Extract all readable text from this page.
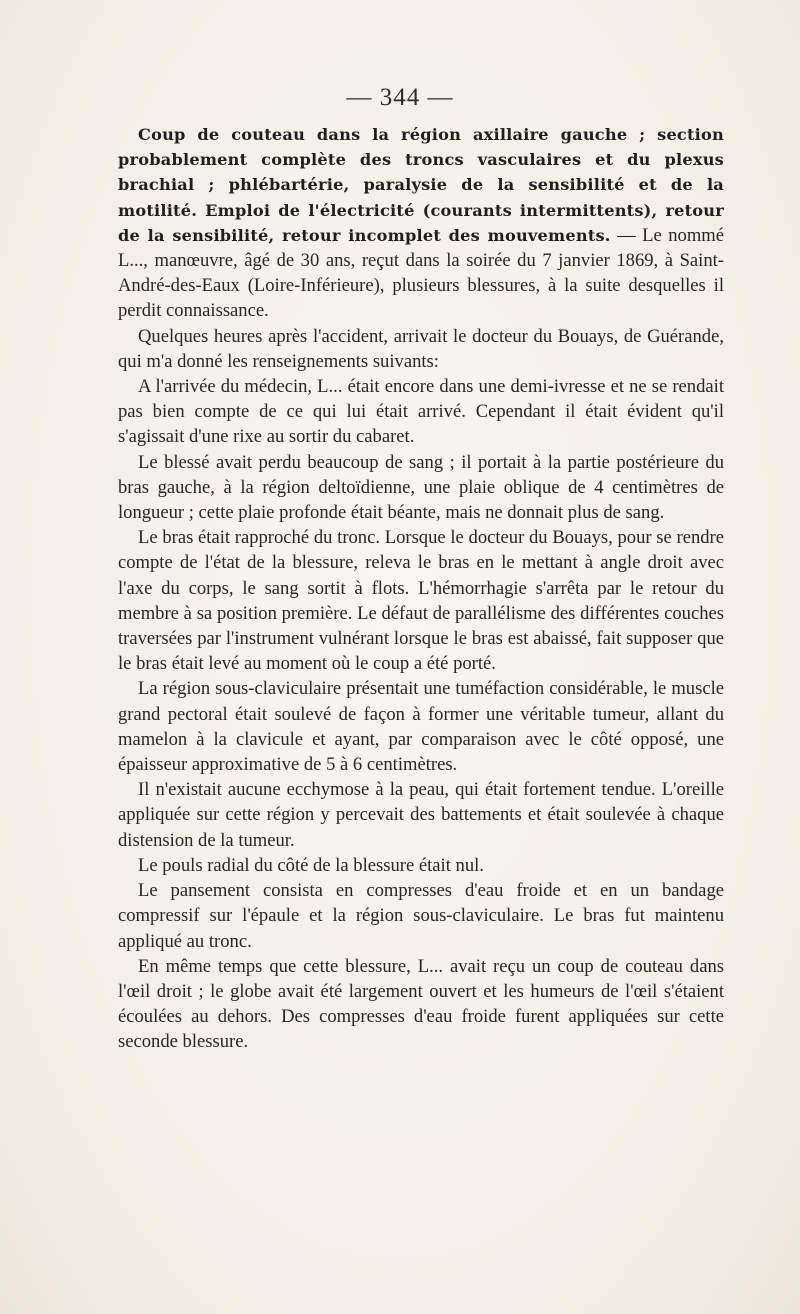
— 344 —

Coup de couteau dans la région axillaire gauche ; section probablement complète des troncs vasculaires et du plexus brachial ; phlébartérie, paralysie de la sensibilité et de la motilité. Emploi de l'électricité (courants intermittents), retour de la sensibilité, retour incomplet des mouvements. — Le nommé L..., manœuvre, âgé de 30 ans, reçut dans la soirée du 7 janvier 1869, à Saint-André-des-Eaux (Loire-Inférieure), plusieurs blessures, à la suite desquelles il perdit connaissance.

Quelques heures après l'accident, arrivait le docteur du Bouays, de Guérande, qui m'a donné les renseignements suivants:

A l'arrivée du médecin, L... était encore dans une demi-ivresse et ne se rendait pas bien compte de ce qui lui était arrivé. Cependant il était évident qu'il s'agissait d'une rixe au sortir du cabaret.

Le blessé avait perdu beaucoup de sang ; il portait à la partie postérieure du bras gauche, à la région deltoïdienne, une plaie oblique de 4 centimètres de longueur ; cette plaie profonde était béante, mais ne donnait plus de sang.

Le bras était rapproché du tronc. Lorsque le docteur du Bouays, pour se rendre compte de l'état de la blessure, releva le bras en le mettant à angle droit avec l'axe du corps, le sang sortit à flots. L'hémorrhagie s'arrêta par le retour du membre à sa position première. Le défaut de parallélisme des différentes couches traversées par l'instrument vulnérant lorsque le bras est abaissé, fait supposer que le bras était levé au moment où le coup a été porté.

La région sous-claviculaire présentait une tuméfaction considérable, le muscle grand pectoral était soulevé de façon à former une véritable tumeur, allant du mamelon à la clavicule et ayant, par comparaison avec le côté opposé, une épaisseur approximative de 5 à 6 centimètres.

Il n'existait aucune ecchymose à la peau, qui était fortement tendue. L'oreille appliquée sur cette région y percevait des battements et était soulevée à chaque distension de la tumeur.

Le pouls radial du côté de la blessure était nul.

Le pansement consista en compresses d'eau froide et en un bandage compressif sur l'épaule et la région sous-claviculaire. Le bras fut maintenu appliqué au tronc.

En même temps que cette blessure, L... avait reçu un coup de couteau dans l'œil droit ; le globe avait été largement ouvert et les humeurs de l'œil s'étaient écoulées au dehors. Des compresses d'eau froide furent appliquées sur cette seconde blessure.
